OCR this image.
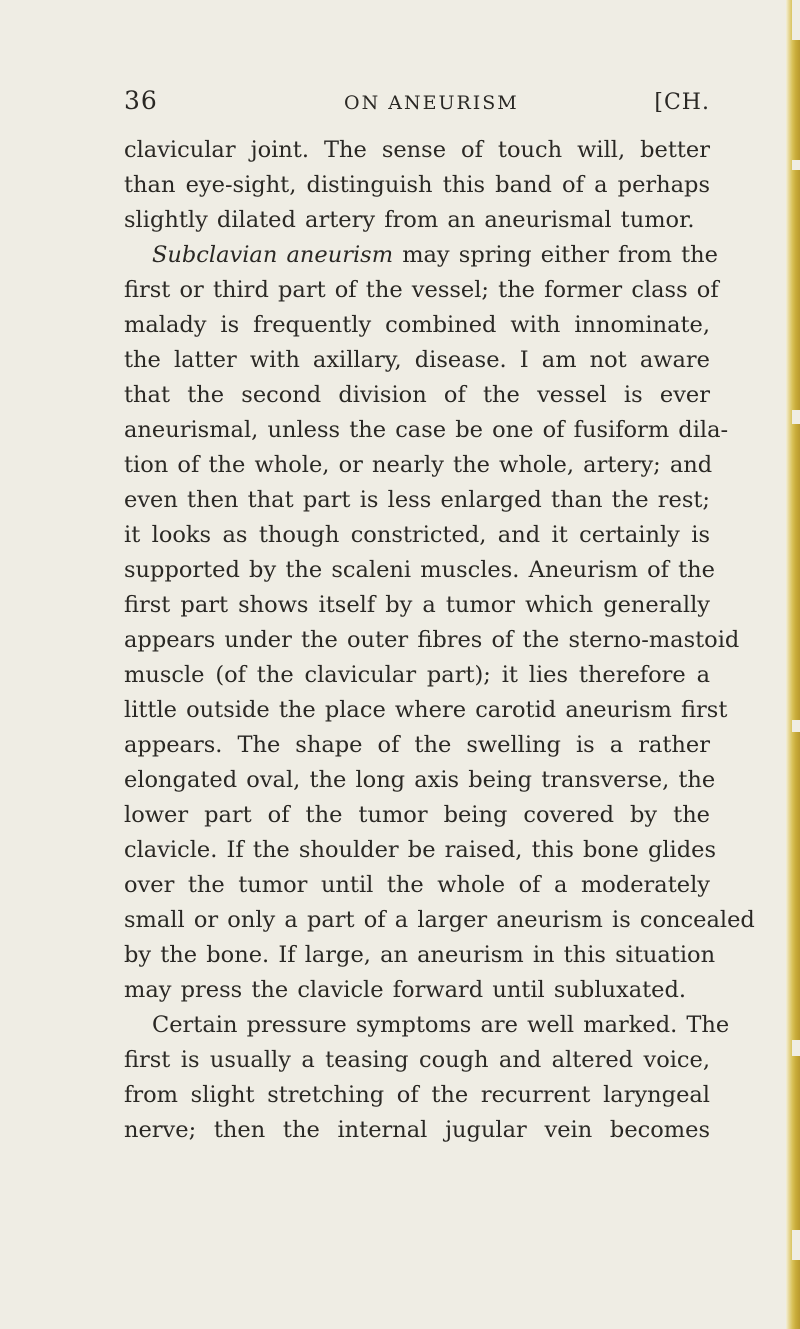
36	ON ANEURISM	[CH.
clavicular joint. The sense of touch will, better
than eye-sight, distinguish this band of a perhaps
slightly dilated artery from an aneurismal tumor.
Subclavian aneurism may spring either from the
first or third part of the vessel; the former class of
malady is frequently combined with innominate,
the latter with axillary, disease. I am not aware
that the second division of the vessel is ever
aneurismal, unless the case be one of fusiform dila-
tion of the whole, or nearly the whole, artery; and
even then that part is less enlarged than the rest;
it looks as though constricted, and it certainly is
supported by the scaleni muscles. Aneurism of the
first part shows itself by a tumor which generally
appears under the outer fibres of the sterno-mastoid
muscle (of the clavicular part); it lies therefore a
little outside the place where carotid aneurism first
appears. The shape of the swelling is a rather
elongated oval, the long axis being transverse, the
lower part of the tumor being covered by the
clavicle. If the shoulder be raised, this bone glides
over the tumor until the whole of a moderately
small or only a part of a larger aneurism is concealed
by the bone. If large, an aneurism in this situation
may press the clavicle forward until subluxated.
Certain pressure symptoms are well marked. The
first is usually a teasing cough and altered voice,
from slight stretching of the recurrent laryngeal
nerve; then the internal jugular vein becomes
